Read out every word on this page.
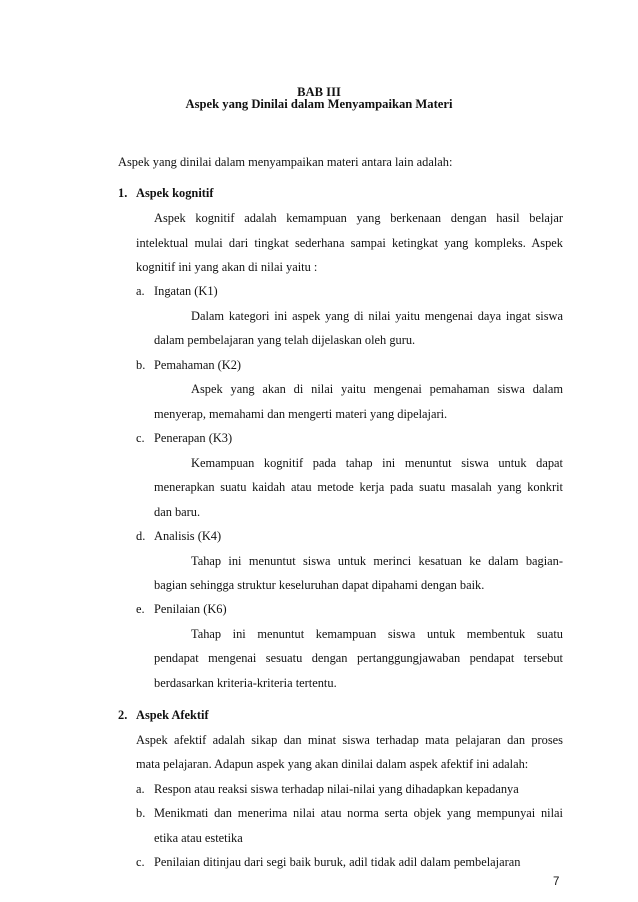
BAB III
Aspek yang Dinilai dalam Menyampaikan Materi
Aspek yang dinilai dalam menyampaikan materi antara lain adalah:
1. Aspek kognitif
Aspek kognitif adalah kemampuan yang berkenaan dengan hasil belajar
intelektual mulai dari tingkat sederhana sampai ketingkat yang kompleks. Aspek
kognitif ini yang akan di nilai yaitu :
a. Ingatan (K1)
Dalam kategori ini aspek yang di nilai yaitu mengenai daya ingat siswa
dalam pembelajaran yang telah dijelaskan oleh guru.
b. Pemahaman (K2)
Aspek yang akan di nilai yaitu mengenai pemahaman siswa dalam
menyerap, memahami dan mengerti materi yang dipelajari.
c. Penerapan (K3)
Kemampuan kognitif pada tahap ini menuntut siswa untuk dapat
menerapkan suatu kaidah atau metode kerja pada suatu masalah yang konkrit
dan baru.
d. Analisis (K4)
Tahap ini menuntut siswa untuk merinci kesatuan ke dalam bagian-
bagian sehingga struktur keseluruhan dapat dipahami dengan baik.
e. Penilaian (K6)
Tahap ini menuntut kemampuan siswa untuk membentuk suatu
pendapat mengenai sesuatu dengan pertanggungjawaban pendapat tersebut
berdasarkan kriteria-kriteria tertentu.
2. Aspek Afektif
Aspek afektif adalah sikap dan minat siswa terhadap mata pelajaran dan proses
mata pelajaran. Adapun aspek yang akan dinilai dalam aspek afektif ini adalah:
a. Respon atau reaksi siswa terhadap nilai-nilai yang dihadapkan kepadanya
b. Menikmati dan menerima nilai atau norma serta objek yang mempunyai nilai
etika atau estetika
c. Penilaian ditinjau dari segi baik buruk, adil tidak adil dalam pembelajaran
7
